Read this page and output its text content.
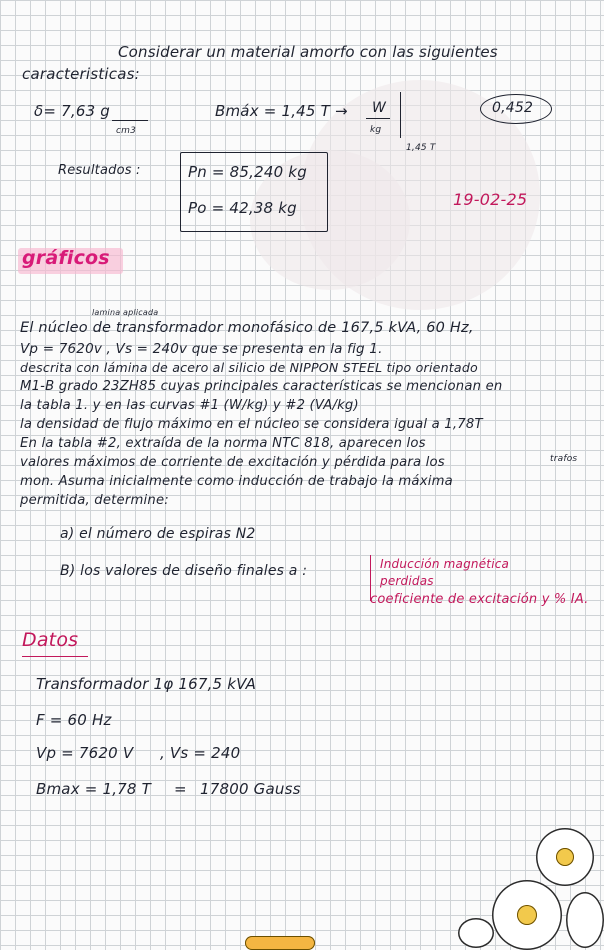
Considerar un material amorfo con las siguientes
caracteristicas:
δ= 7,63 g
cm3
Bmáx = 1,45 T → W
kg
1,45 T
0,452
Resultados :	Pn = 85,240 kg
Po = 42,38 kg	19-02-25
gráficos
lamina aplicada
El núcleo de transformador monofásico de 167,5 kVA, 60 Hz,
Vp = 7620v , Vs = 240v que se presenta en la fig 1.
descrita con lámina de acero al silicio de NIPPON STEEL tipo orientado
M1-B grado 23ZH85 cuyas principales características se mencionan en
la tabla 1. y en las curvas #1 (W/kg) y #2 (VA/kg)
la densidad de flujo máximo en el núcleo se considera igual a 1,78T
En la tabla #2, extraída de la norma NTC 818, aparecen los
valores máximos de corriente de excitación y pérdida para los	trafos
mon. Asuma inicialmente como inducción de trabajo la máxima
permitida, determine:
a) el número de espiras N2
B) los valores de diseño finales a :	Inducción magnética
perdidas
coeficiente de excitación y % IA.
Datos
Transformador 1φ 167,5 kVA
F = 60 Hz
Vp = 7620 V , Vs = 240
Bmax = 1,78 T = 17800 Gauss
